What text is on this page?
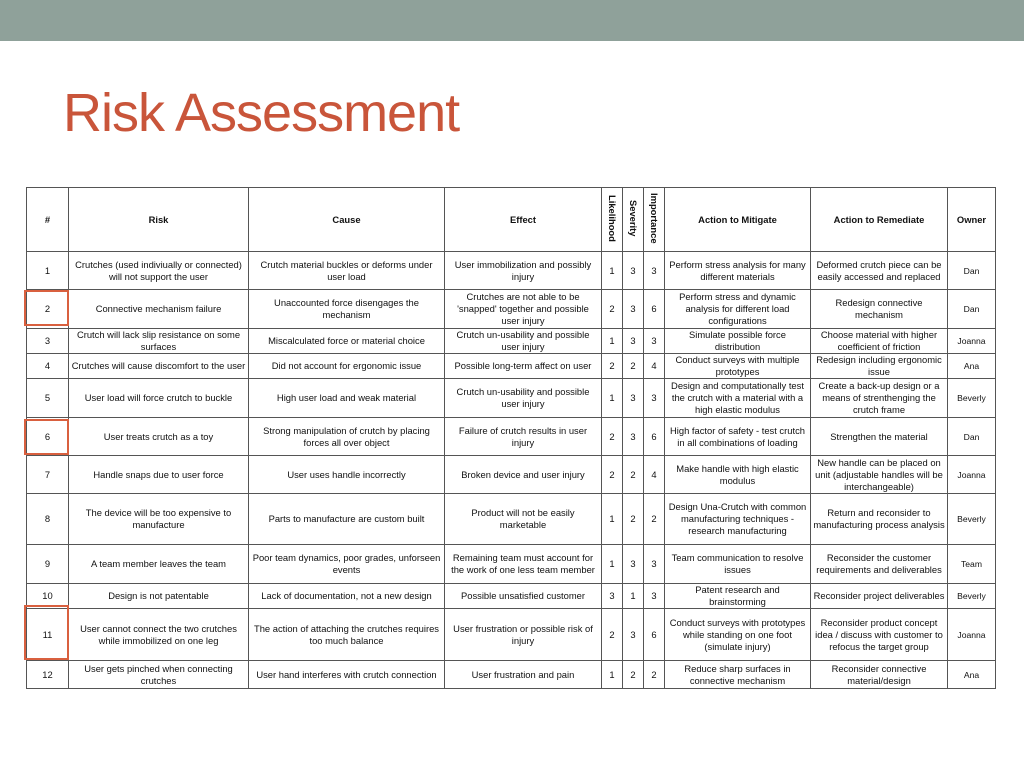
Risk Assessment
#	Risk	Cause	Effect	Likelihood	Severity	Importance	Action to Mitigate	Action to Remediate	Owner
1	Crutches (used indiviually or connected) will not support the user	Crutch material buckles or deforms under user load	User immobilization and possibly injury	1	3	3	Perform stress analysis for many different materials	Deformed crutch piece can be easily accessed and replaced	Dan
2	Connective mechanism failure	Unaccounted force disengages the mechanism	Crutches are not able to be 'snapped' together and possible user injury	2	3	6	Perform stress and dynamic analysis for different load configurations	Redesign connective mechanism	Dan
3	Crutch will lack slip resistance on some surfaces	Miscalculated force or material choice	Crutch un-usability and possible user injury	1	3	3	Simulate possible force distribution	Choose material with higher coefficient of friction	Joanna
4	Crutches will cause discomfort to the user	Did not account for ergonomic issue	Possible long-term affect on user	2	2	4	Conduct surveys with multiple prototypes	Redesign including ergonomic issue	Ana
5	User load will force crutch to buckle	High user load and weak material	Crutch un-usability and possible user injury	1	3	3	Design and computationally test the crutch with a material with a high elastic modulus	Create a back-up design or a means of strenthenging the crutch frame	Beverly
6	User treats crutch as a toy	Strong manipulation of crutch by placing forces all over object	Failure of crutch results in user injury	2	3	6	High factor of safety - test crutch in all combinations of loading	Strengthen the material	Dan
7	Handle snaps due to user force	User uses handle incorrectly	Broken device and user injury	2	2	4	Make handle with high elastic modulus	New handle can be placed on unit (adjustable handles will be interchangeable)	Joanna
8	The device will be too expensive to manufacture	Parts to manufacture are custom built	Product will not be easily marketable	1	2	2	Design Una-Crutch with common manufacturing techniques - research manufacturing	Return and reconsider to manufacturing process analysis	Beverly
9	A team member leaves the team	Poor team dynamics, poor grades, unforseen events	Remaining team must account for the work of one less team member	1	3	3	Team communication to resolve issues	Reconsider the customer requirements and deliverables	Team
10	Design is not patentable	Lack of documentation, not a new design	Possible unsatisfied customer	3	1	3	Patent research and brainstorming	Reconsider project deliverables	Beverly
11	User cannot connect the two crutches while immobilized on one leg	The action of attaching the crutches requires too much balance	User frustration or possible risk of injury	2	3	6	Conduct surveys with prototypes while standing on one foot (simulate injury)	Reconsider product concept idea / discuss with customer to refocus the target group	Joanna
12	User gets pinched when connecting crutches	User hand interferes with crutch connection	User frustration and pain	1	2	2	Reduce sharp surfaces in connective mechanism	Reconsider connective material/design	Ana
